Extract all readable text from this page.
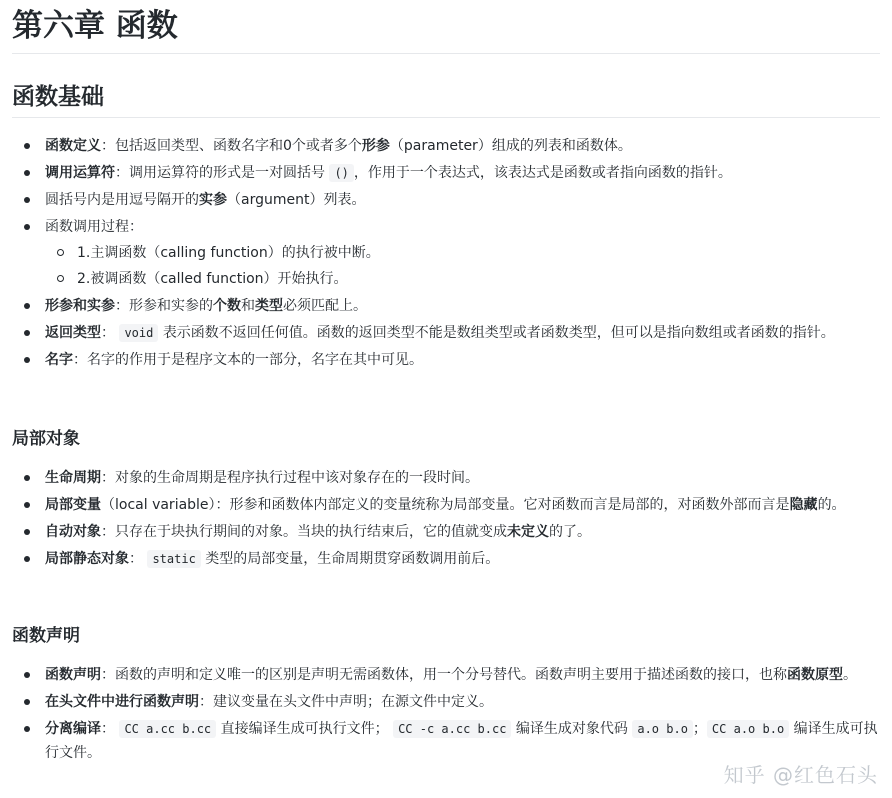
第六章 函数
函数基础
函数定义：包括返回类型、函数名字和0个或者多个形参（parameter）组成的列表和函数体。
调用运算符：调用运算符的形式是一对圆括号 () ，作用于一个表达式，该表达式是函数或者指向函数的指针。
圆括号内是用逗号隔开的实参（argument）列表。
函数调用过程：
1.主调函数（calling function）的执行被中断。
2.被调函数（called function）开始执行。
形参和实参：形参和实参的个数和类型必须匹配上。
返回类型： void 表示函数不返回任何值。函数的返回类型不能是数组类型或者函数类型，但可以是指向数组或者函数的指针。
名字：名字的作用于是程序文本的一部分，名字在其中可见。
局部对象
生命周期：对象的生命周期是程序执行过程中该对象存在的一段时间。
局部变量（local variable）：形参和函数体内部定义的变量统称为局部变量。它对函数而言是局部的，对函数外部而言是隐藏的。
自动对象：只存在于块执行期间的对象。当块的执行结束后，它的值就变成未定义的了。
局部静态对象： static 类型的局部变量，生命周期贯穿函数调用前后。
函数声明
函数声明：函数的声明和定义唯一的区别是声明无需函数体，用一个分号替代。函数声明主要用于描述函数的接口，也称函数原型。
在头文件中进行函数声明：建议变量在头文件中声明；在源文件中定义。
分离编译： CC a.cc b.cc 直接编译生成可执行文件； CC -c a.cc b.cc 编译生成对象代码 a.o b.o ； CC a.o b.o 编译生成可执行文件。
知乎 @红色石头
